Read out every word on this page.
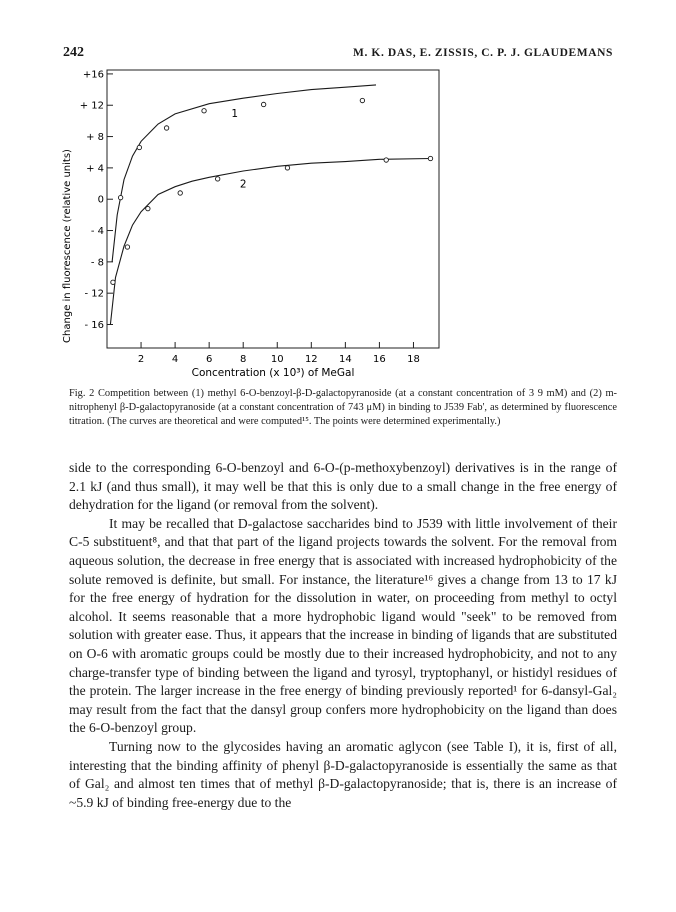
242	M. K. DAS, E. ZISSIS, C. P. J. GLAUDEMANS
+16
+ 12
+ 8
+ 4
0
- 4
- 8
- 12
- 16
2	4	6	8 10 12 14 16 18
1
2
Concentration (x 10³) of MeGal
Change in fluorescence (relative units)
Fig. 2 Competition between (1) methyl 6-O-benzoyl-β-D-galactopyranoside (at a constant concentration of 3 9 mM) and (2) m-nitrophenyl β-D-galactopyranoside (at a constant concentration of 743 μM) in binding to J539 Fab', as determined by fluorescence titration. (The curves are theoretical and were computed¹⁵. The points were determined experimentally.)

side to the corresponding 6-O-benzoyl and 6-O-(p-methoxybenzoyl) derivatives is in the range of 2.1 kJ (and thus small), it may well be that this is only due to a small change in the free energy of dehydration for the ligand (or removal from the solvent).

It may be recalled that D-galactose saccharides bind to J539 with little involvement of their C-5 substituent⁸, and that that part of the ligand projects towards the solvent. For the removal from aqueous solution, the decrease in free energy that is associated with increased hydrophobicity of the solute removed is definite, but small. For instance, the literature¹⁶ gives a change from 13 to 17 kJ for the free energy of hydration for the dissolution in water, on proceeding from methyl to octyl alcohol. It seems reasonable that a more hydrophobic ligand would "seek" to be removed from solution with greater ease. Thus, it appears that the increase in binding of ligands that are substituted on O-6 with aromatic groups could be mostly due to their increased hydrophobicity, and not to any charge-transfer type of binding between the ligand and tyrosyl, tryptophanyl, or histidyl residues of the protein. The larger increase in the free energy of binding previously reported¹ for 6-dansyl-Gal₂ may result from the fact that the dansyl group confers more hydrophobicity on the ligand than does the 6-O-benzoyl group.

Turning now to the glycosides having an aromatic aglycon (see Table I), it is, first of all, interesting that the binding affinity of phenyl β-D-galactopyranoside is essentially the same as that of Gal₂ and almost ten times that of methyl β-D-galactopyranoside; that is, there is an increase of ~5.9 kJ of binding free-energy due to the
